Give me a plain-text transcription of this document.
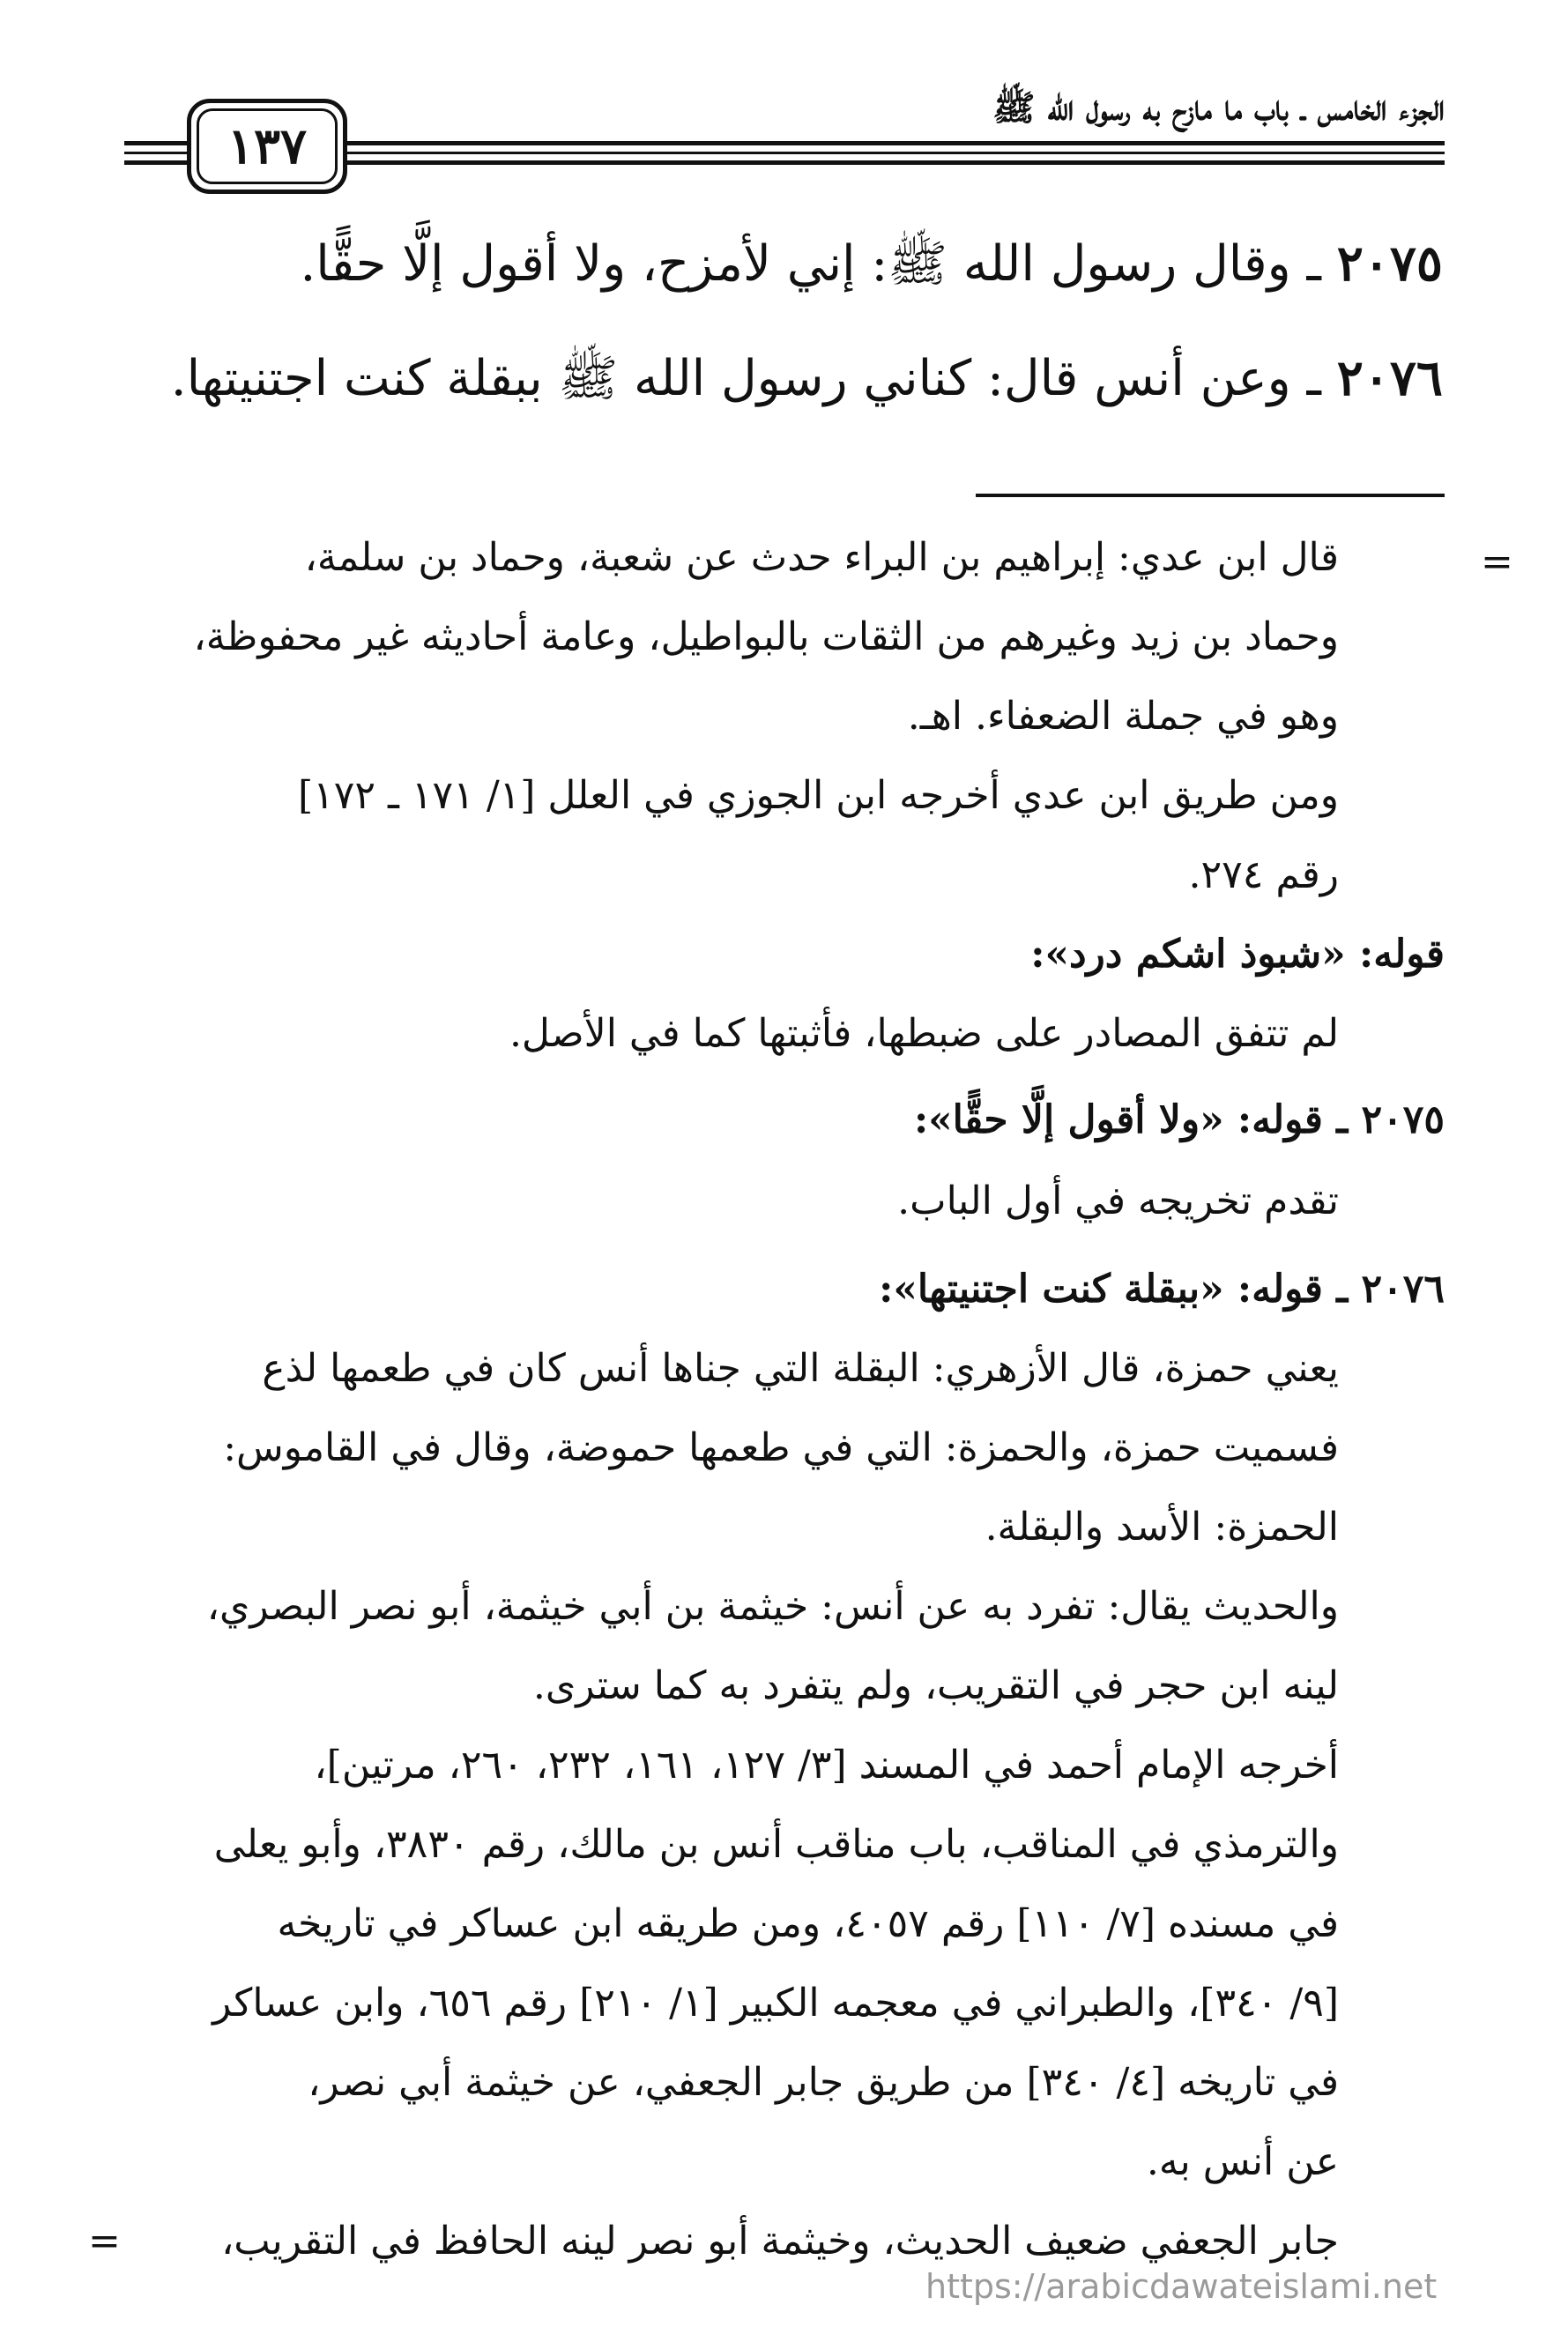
الجزء الخامس ـ باب ما مازح به رسول الله ﷺ
١٣٧
٢٠٧٥ ـ وقال رسول الله ﷺ: إني لأمزح، ولا أقول إلَّا حقًّا.
٢٠٧٦ ـ وعن أنس قال: كناني رسول الله ﷺ ببقلة كنت اجتنيتها.
=
قال ابن عدي: إبراهيم بن البراء حدث عن شعبة، وحماد بن سلمة،
وحماد بن زيد وغيرهم من الثقات بالبواطيل، وعامة أحاديثه غير محفوظة،
وهو في جملة الضعفاء. اهـ.
ومن طريق ابن عدي أخرجه ابن الجوزي في العلل [١/ ١٧١ ـ ١٧٢]
رقم ٢٧٤.
قوله: «شبوذ اشكم درد»:
لم تتفق المصادر على ضبطها، فأثبتها كما في الأصل.
٢٠٧٥ ـ قوله: «ولا أقول إلَّا حقًّا»:
تقدم تخريجه في أول الباب.
٢٠٧٦ ـ قوله: «ببقلة كنت اجتنيتها»:
يعني حمزة، قال الأزهري: البقلة التي جناها أنس كان في طعمها لذع
فسميت حمزة، والحمزة: التي في طعمها حموضة، وقال في القاموس:
الحمزة: الأسد والبقلة.
والحديث يقال: تفرد به عن أنس: خيثمة بن أبي خيثمة، أبو نصر البصري،
لينه ابن حجر في التقريب، ولم يتفرد به كما سترى.
أخرجه الإمام أحمد في المسند [٣/ ١٢٧، ١٦١، ٢٣٢، ٢٦٠، مرتين]،
والترمذي في المناقب، باب مناقب أنس بن مالك، رقم ٣٨٣٠، وأبو يعلى
في مسنده [٧/ ١١٠] رقم ٤٠٥٧، ومن طريقه ابن عساكر في تاريخه
[٩/ ٣٤٠]، والطبراني في معجمه الكبير [١/ ٢١٠] رقم ٦٥٦، وابن عساكر
في تاريخه [٤/ ٣٤٠] من طريق جابر الجعفي، عن خيثمة أبي نصر،
عن أنس به.
جابر الجعفي ضعيف الحديث، وخيثمة أبو نصر لينه الحافظ في التقريب،
=
https://arabicdawateislami.net
